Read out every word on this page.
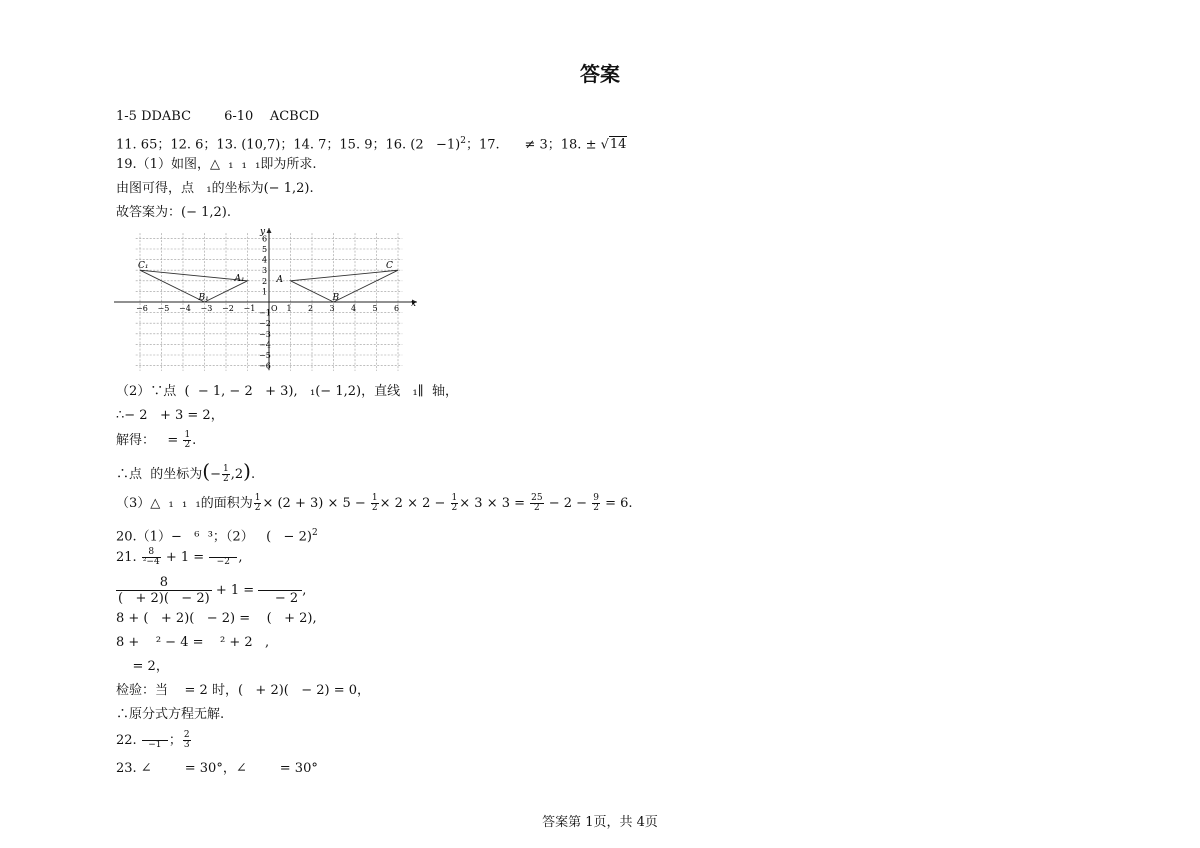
答案
1-5 DDABC        6-10    ACBCD
11. 65；12. 6；13. (10,7)；14. 7；15. 9；16. $(2 -1)^2$；17.      ≠ 3；18. ± √14
19.（1）如图，△  ₁  ₁  ₁即为所求.
由图可得，点   ₁的坐标为(− 1,2).
故答案为：(− 1,2).
x
y
−6 −5 −4 −3 −2 −1 O 1 2 3 4 5 6
6
5
4
3
2
1
−1
−2
−3
−4
−5
−6
C₁
B₁
A₁	A
B
C
（2）∵点  (  − 1, − 2   + 3),   ₁(− 1,2)，直线   ₁∥  轴，
∴− 2   + 3 = 2，
解得：   = $\frac{1}{2}$ .
∴点  的坐标为(− $\frac{1}{2} ,2$).
（3）△  ₁  ₁  ₁的面积为 $\frac{1}{2} \times (2 + 3) \times 5 - \frac{1}{2} \times 2 \times 2 - \frac{1}{2} \times 3 \times 3 = \frac{25}{2} - 2 - \frac{9}{2} = 6$.
20.（1）−   ⁶  ³；（2）   (   − 2)$^2$
21. $\frac{8}{\text{²−4}} + 1$ =
	−2 ,
$\frac{8}{( + 2)( - 2)} + 1$ =

− 2
,
8 + (   + 2)(   − 2) =    (   + 2),
8 +    ² − 4 =    ² + 2   ,
= 2，
检验：当    = 2 时，(   + 2)(   − 2) = 0，
∴原分式方程无解.
22.
	−1 ； $\frac{2}{3}$
23. ∠        = 30°，∠        = 30°
答案第 1页，共 4页
